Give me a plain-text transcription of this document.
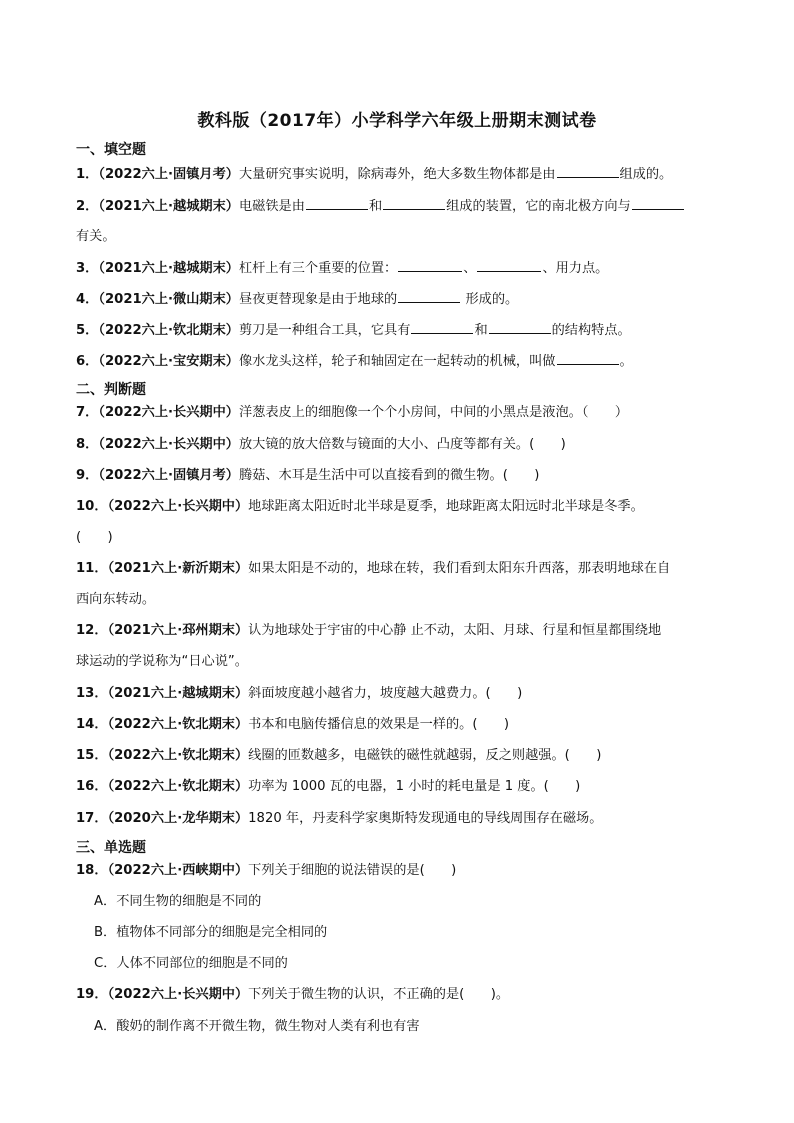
教科版（2017年）小学科学六年级上册期末测试卷
一、填空题
1．（2022六上·固镇月考）大量研究事实说明，除病毒外，绝大多数生物体都是由	组成的。
2．（2021六上·越城期末）电磁铁是由	和	组成的装置，它的南北极方向与
有关。
3．（2021六上·越城期末）杠杆上有三个重要的位置：	、	、用力点。
4．（2021六上·微山期末）昼夜更替现象是由于地球的	形成的。
5．（2022六上·钦北期末）剪刀是一种组合工具，它具有	和	的结构特点。
6．（2022六上·宝安期末）像水龙头这样，轮子和轴固定在一起转动的机械，叫做	。
二、判断题
7．（2022六上·长兴期中）洋葱表皮上的细胞像一个个小房间，中间的小黑点是液泡。（　　）
8．（2022六上·长兴期中）放大镜的放大倍数与镜面的大小、凸度等都有关。(　　)
9．（2022六上·固镇月考）腾菇、木耳是生活中可以直接看到的微生物。(　　)
10．（2022六上·长兴期中）地球距离太阳近时北半球是夏季，地球距离太阳远时北半球是冬季。
(　　)
11．（2021六上·新沂期末）如果太阳是不动的，地球在转，我们看到太阳东升西落，那表明地球在自
西向东转动。
12．（2021六上·邳州期末）认为地球处于宇宙的中心静 止不动，太阳、月球、行星和恒星都围绕地
球运动的学说称为“日心说”。
13．（2021六上·越城期末）斜面坡度越小越省力，坡度越大越费力。(　　)
14．（2022六上·钦北期末）书本和电脑传播信息的效果是一样的。(　　)
15．（2022六上·钦北期末）线圈的匝数越多，电磁铁的磁性就越弱，反之则越强。(　　)
16．（2022六上·钦北期末）功率为 1000 瓦的电器，1 小时的耗电量是 1 度。(　　)
17．（2020六上·龙华期末）1820 年，丹麦科学家奥斯特发现通电的导线周围存在磁场。
三、单选题
18．（2022六上·西峡期中）下列关于细胞的说法错误的是(　　)
A．不同生物的细胞是不同的
B．植物体不同部分的细胞是完全相同的
C．人体不同部位的细胞是不同的
19．（2022六上·长兴期中）下列关于微生物的认识，不正确的是(　　)。
A．酸奶的制作离不开微生物，微生物对人类有利也有害
